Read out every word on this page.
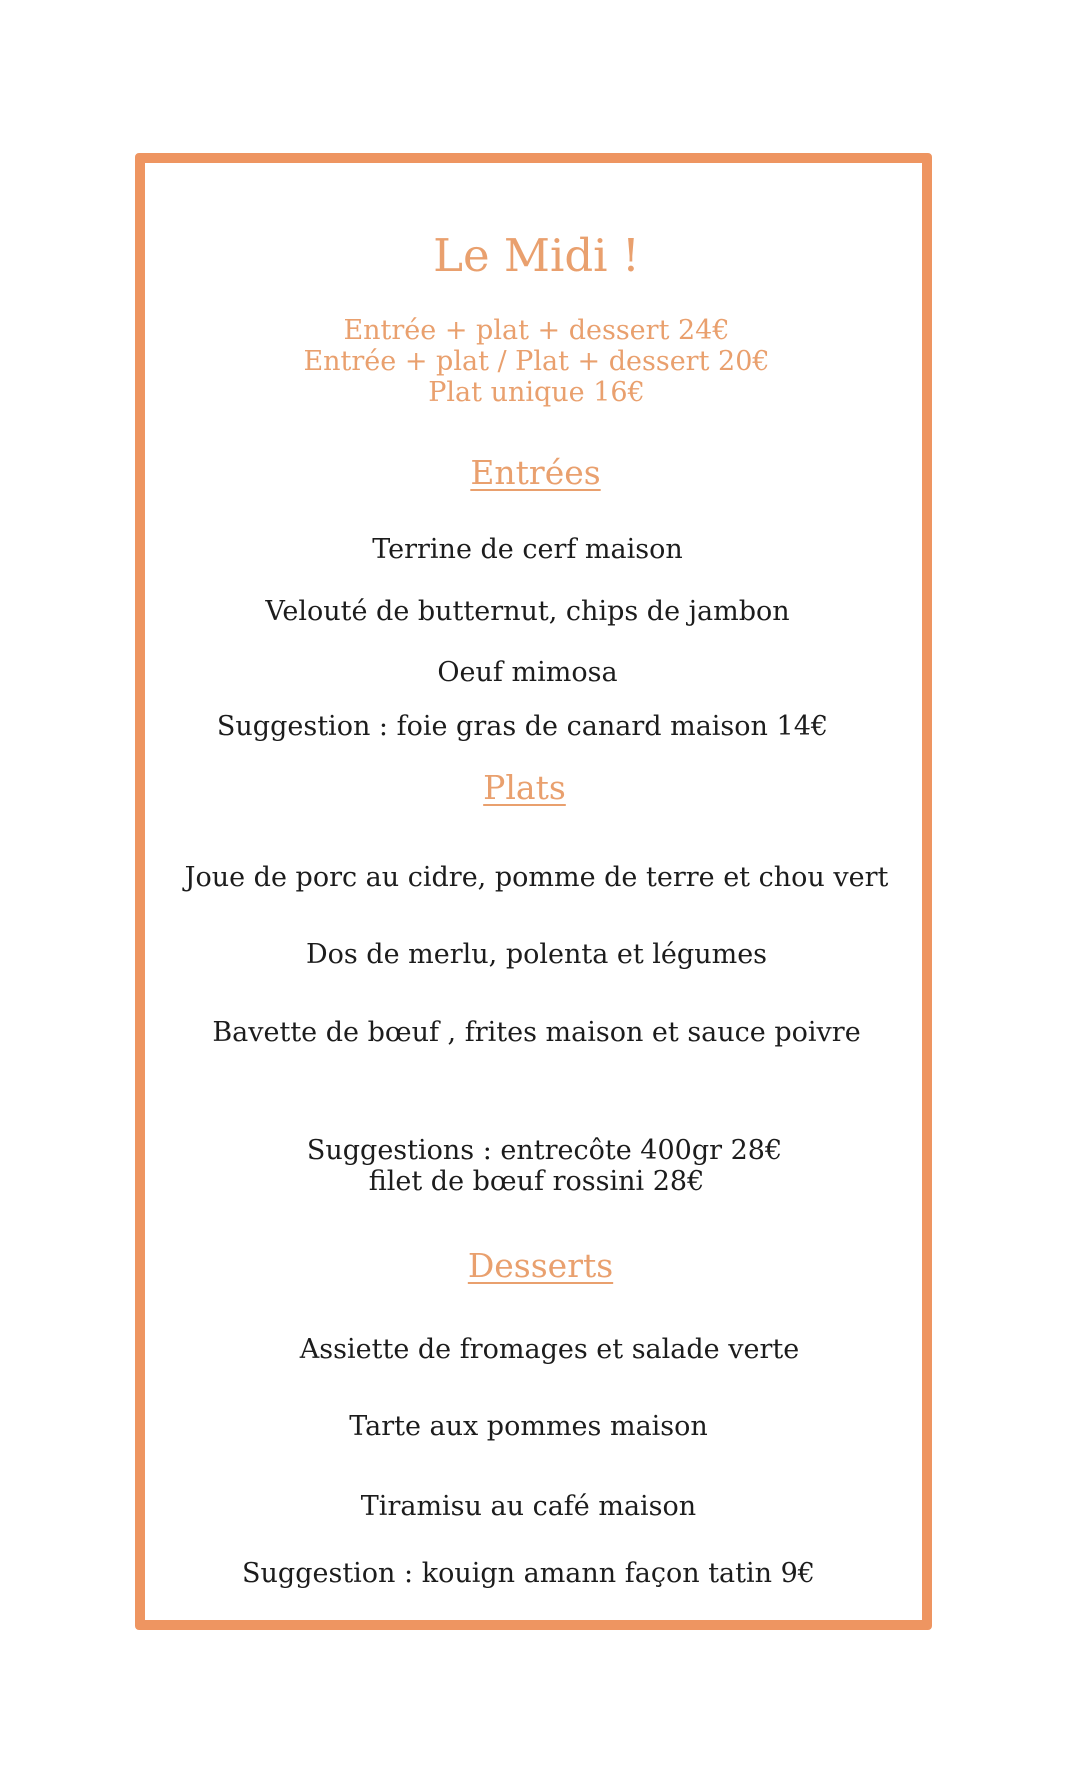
Le Midi !
Entrée + plat + dessert 24€
Entrée + plat / Plat + dessert 20€
Plat unique 16€
Entrées
Terrine de cerf maison
Velouté de butternut, chips de jambon
Oeuf mimosa
Suggestion : foie gras de canard maison 14€
Plats
Joue de porc au cidre, pomme de terre et chou vert
Dos de merlu, polenta et légumes
Bavette de bœuf , frites maison et sauce poivre
Suggestions : entrecôte 400gr 28€
filet de bœuf rossini 28€
Desserts
Assiette de fromages et salade verte
Tarte aux pommes maison
Tiramisu au café maison
Suggestion : kouign amann façon tatin 9€
